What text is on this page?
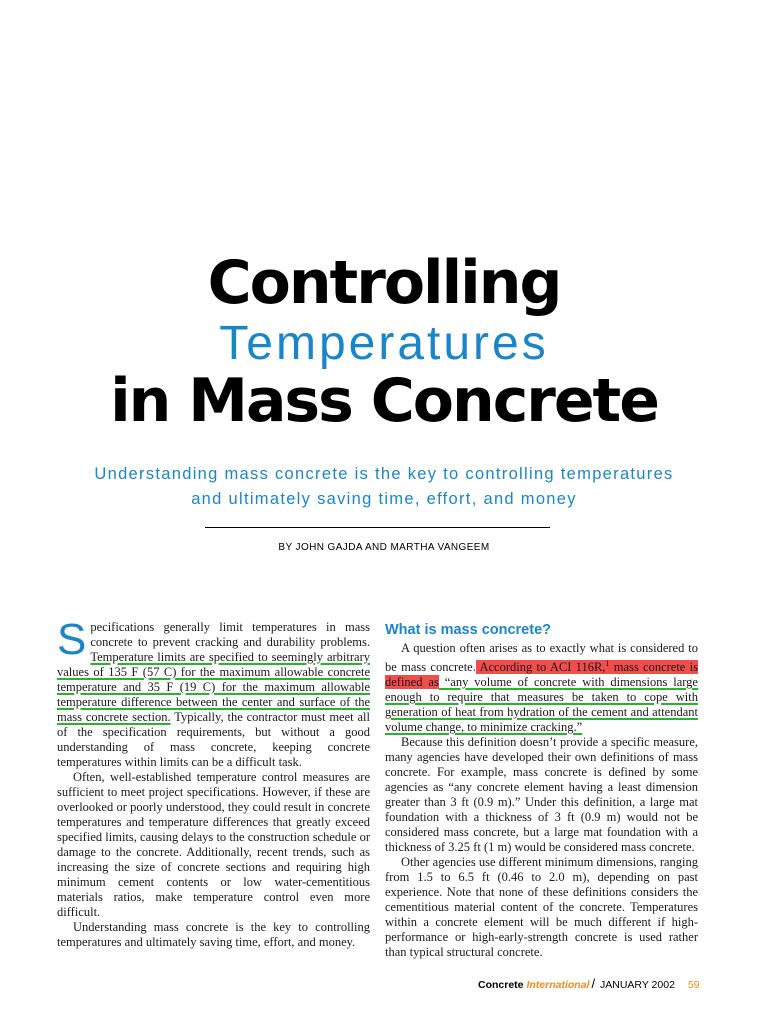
Controlling
Temperatures
in Mass Concrete
Understanding mass concrete is the key to controlling temperatures
and ultimately saving time, effort, and money
BY JOHN GAJDA AND MARTHA VANGEEM

Specifications generally limit temperatures in mass concrete to prevent cracking and durability problems. Temperature limits are specified to seemingly arbitrary values of 135 F (57 C) for the maximum allowable concrete temperature and 35 F (19 C) for the maximum allowable temperature difference between the center and surface of the mass concrete section. Typically, the contractor must meet all of the specification requirements, but without a good understanding of mass concrete, keeping concrete temperatures within limits can be a difficult task.

Often, well-established temperature control measures are sufficient to meet project specifications. However, if these are overlooked or poorly understood, they could result in concrete temperatures and temperature differences that greatly exceed specified limits, causing delays to the construction schedule or damage to the concrete. Additionally, recent trends, such as increasing the size of concrete sections and requiring high minimum cement contents or low water-cementitious materials ratios, make temperature control even more difficult.

Understanding mass concrete is the key to controlling temperatures and ultimately saving time, effort, and money.

What is mass concrete?

A question often arises as to exactly what is considered to be mass concrete. According to ACI 116R,$^1$ mass concrete is defined as “any volume of concrete with dimensions large enough to require that measures be taken to cope with generation of heat from hydration of the cement and attendant volume change, to minimize cracking.”

Because this definition doesn’t provide a specific measure, many agencies have developed their own definitions of mass concrete. For example, mass concrete is defined by some agencies as “any concrete element having a least dimension greater than 3 ft (0.9 m).” Under this definition, a large mat foundation with a thickness of 3 ft (0.9 m) would not be considered mass concrete, but a large mat foundation with a thickness of 3.25 ft (1 m) would be considered mass concrete.

Other agencies use different minimum dimensions, ranging from 1.5 to 6.5 ft (0.46 to 2.0 m), depending on past experience. Note that none of these definitions considers the cementitious material content of the concrete. Temperatures within a concrete element will be much different if high-performance or high-early-strength concrete is used rather than typical structural concrete.

Concrete International / JANUARY 2002 59
